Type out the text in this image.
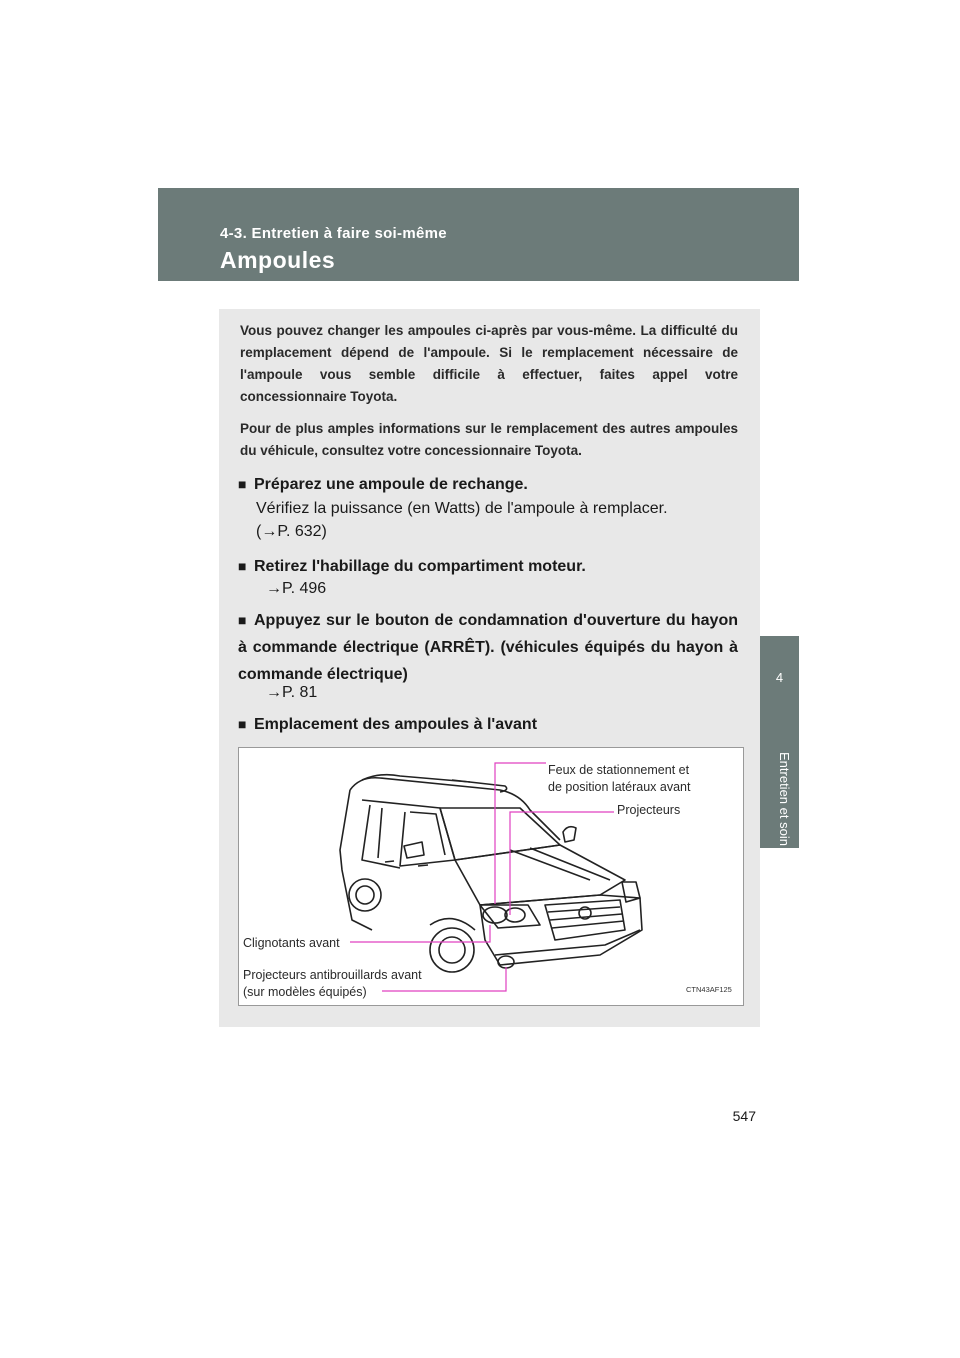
4-3. Entretien à faire soi-même
Ampoules
4
Entretien et soin

Vous pouvez changer les ampoules ci-après par vous-même. La difficulté du remplacement dépend de l'ampoule. Si le remplacement nécessaire de l'ampoule vous semble difficile à effectuer, faites appel votre concessionnaire Toyota.

Pour de plus amples informations sur le remplacement des autres ampoules du véhicule, consultez votre concessionnaire Toyota.

■ Préparez une ampoule de rechange.

Vérifiez la puissance (en Watts) de l'ampoule à remplacer.

(→P. 632)

■ Retirez l'habillage du compartiment moteur.

→P. 496

■ Appuyez sur le bouton de condamnation d'ouverture du hayon à commande électrique (ARRÊT). (véhicules équipés du hayon à commande électrique)

→P. 81

■ Emplacement des ampoules à l'avant

Feux de stationnement et
de position latéraux avant
Projecteurs
Clignotants avant
Projecteurs antibrouillards avant
(sur modèles équipés)	CTN43AF125
547
